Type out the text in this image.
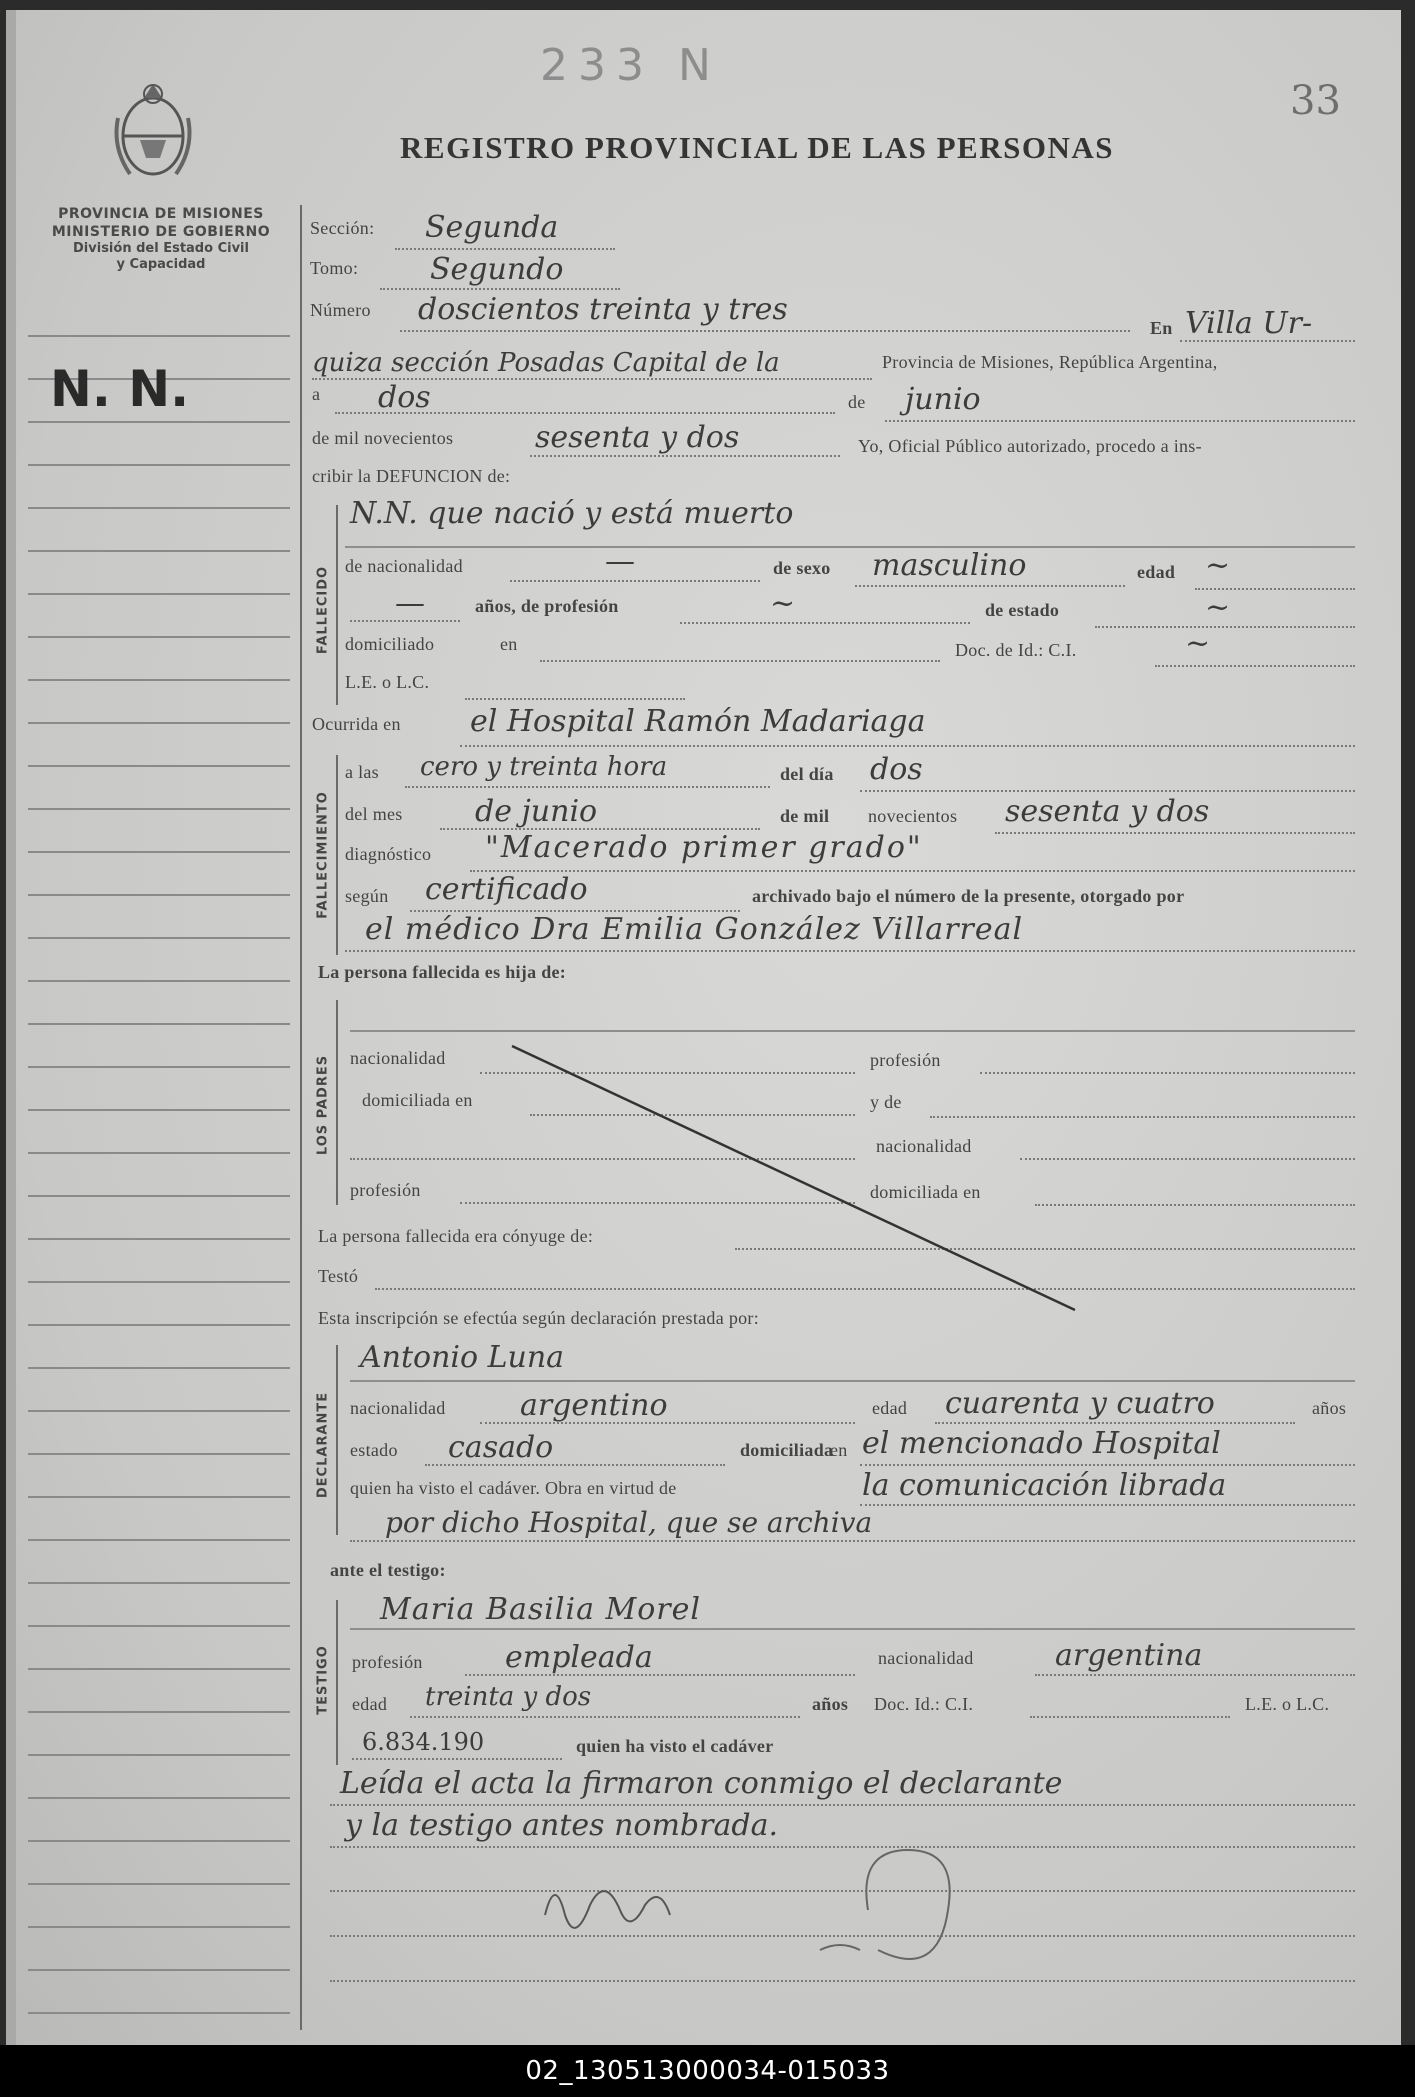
233 N
33
REGISTRO PROVINCIAL DE LAS PERSONAS
PROVINCIA DE MISIONES
MINISTERIO DE GOBIERNO
División del Estado Civil
y Capacidad
N. N.
Sección: Segunda
Tomo: Segundo
Número doscientos treinta y tres
En Villa Ur-
quiza sección Posadas Capital de la	Provincia de Misiones, República Argentina,
a dos	de junio
de mil novecientos	sesenta y dos	Yo, Oficial Público autorizado, procedo a ins-
cribir la DEFUNCION de:
FALLECIDO
N.N. que nació y está muerto
de nacionalidad	—	de sexo masculino	edad ~
—	años, de profesión	~	de estado	~
domiciliado	en	Doc. de Id.: C.I.	~
L.E. o L.C.
Ocurrida en el Hospital Ramón Madariaga
FALLECIMIENTO
a las cero y treinta hora	del día dos
del mes de junio	de mil novecientos sesenta y dos
diagnóstico "Macerado primer grado"
según certificado	archivado bajo el número de la presente, otorgado por
el médico Dra Emilia González Villarreal
La persona fallecida es hija de:
LOS PADRES nacionalidad	profesión
domiciliada en	y de
nacionalidad
profesión	domiciliada en
La persona fallecida era cónyuge de:
Testó
Esta inscripción se efectúa según declaración prestada por:
DECLARANTE
Antonio Luna
nacionalidad argentino	edad cuarenta y cuatro	años
estado casado	domiciliada
en el mencionado Hospital
quien ha visto el cadáver. Obra en virtud de	la comunicación librada
por dicho Hospital, que se archiva
ante el testigo:
TESTIGO
Maria Basilia Morel
profesión	empleada	nacionalidad	argentina
edad treinta y dos	años Doc. Id.: C.I.	L.E. o L.C.
6.834.190	quien ha visto el cadáver
Leída el acta la firmaron conmigo el declarante
y la testigo antes nombrada.
02_130513000034-015033
